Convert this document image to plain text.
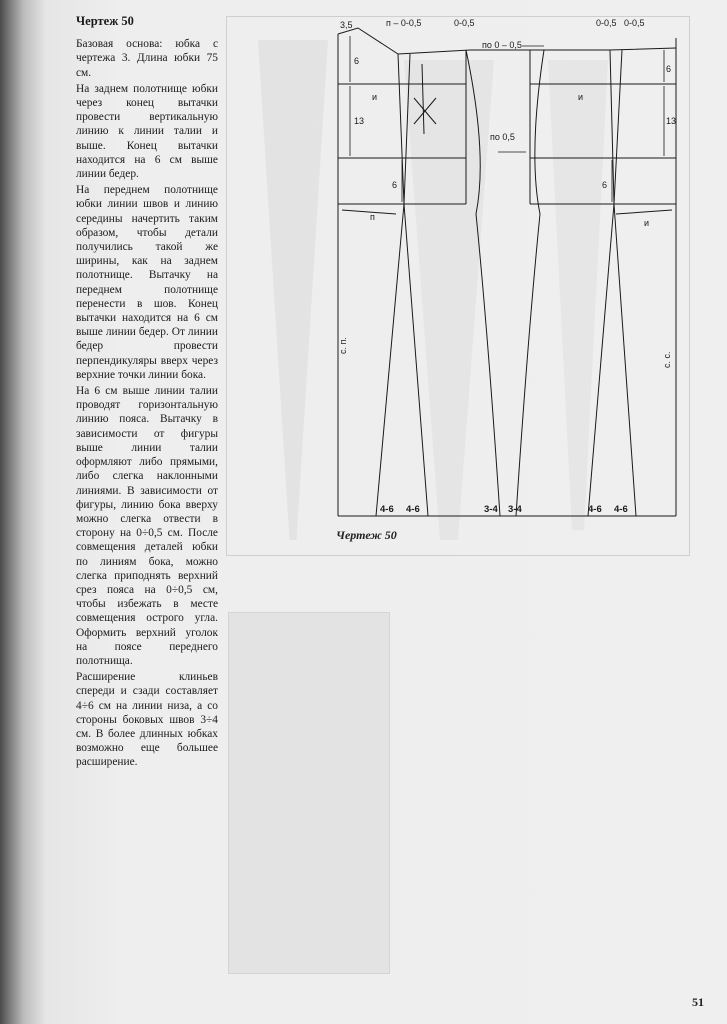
Чертеж 50

Базовая основа: юбка с чертежа 3. Длина юбки 75 см.

На заднем полотнище юбки через конец вытачки провести вертикальную линию к линии талии и выше. Конец вытачки находится на 6 см выше линии бедер.

На переднем полотнище юбки линии швов и линию середины начертить таким образом, чтобы детали получились такой же ширины, как на заднем полотнище. Вытачку на переднем полотнище перенести в шов. Конец вытачки находится на 6 см выше линии бедер. От линии бедер провести перпендикуляры вверх через верхние точки линии бока.

На 6 см выше линии талии проводят горизонтальную линию пояса. Вытачку в зависимости от фигуры выше линии талии оформляют либо прямыми, либо слегка наклонными линиями. В зависимости от фигуры, линию бока вверху можно слегка отвести в сторону на 0÷0,5 см. После совмещения деталей юбки по линиям бока, можно слегка приподнять верхний срез пояса на 0÷0,5 см, чтобы избежать в месте совмещения острого угла. Оформить верхний уголок на поясе переднего полотнища.

Расширение клиньев спереди и сзади составляет 4÷6 см на линии низа, а со стороны боковых швов 3÷4 см. В более длинных юбках возможно еще большее расширение.

3,5	п – 0-0,5	0-0,5	0-0,5 0-0,5
по 0 – 0,5
по 0,5
6
13
6	6
6
13
и	и
и
п
с. п.
с. с.
4-6 4-6	3-4 3-4	4-6 4-6
Чертеж 50
51
